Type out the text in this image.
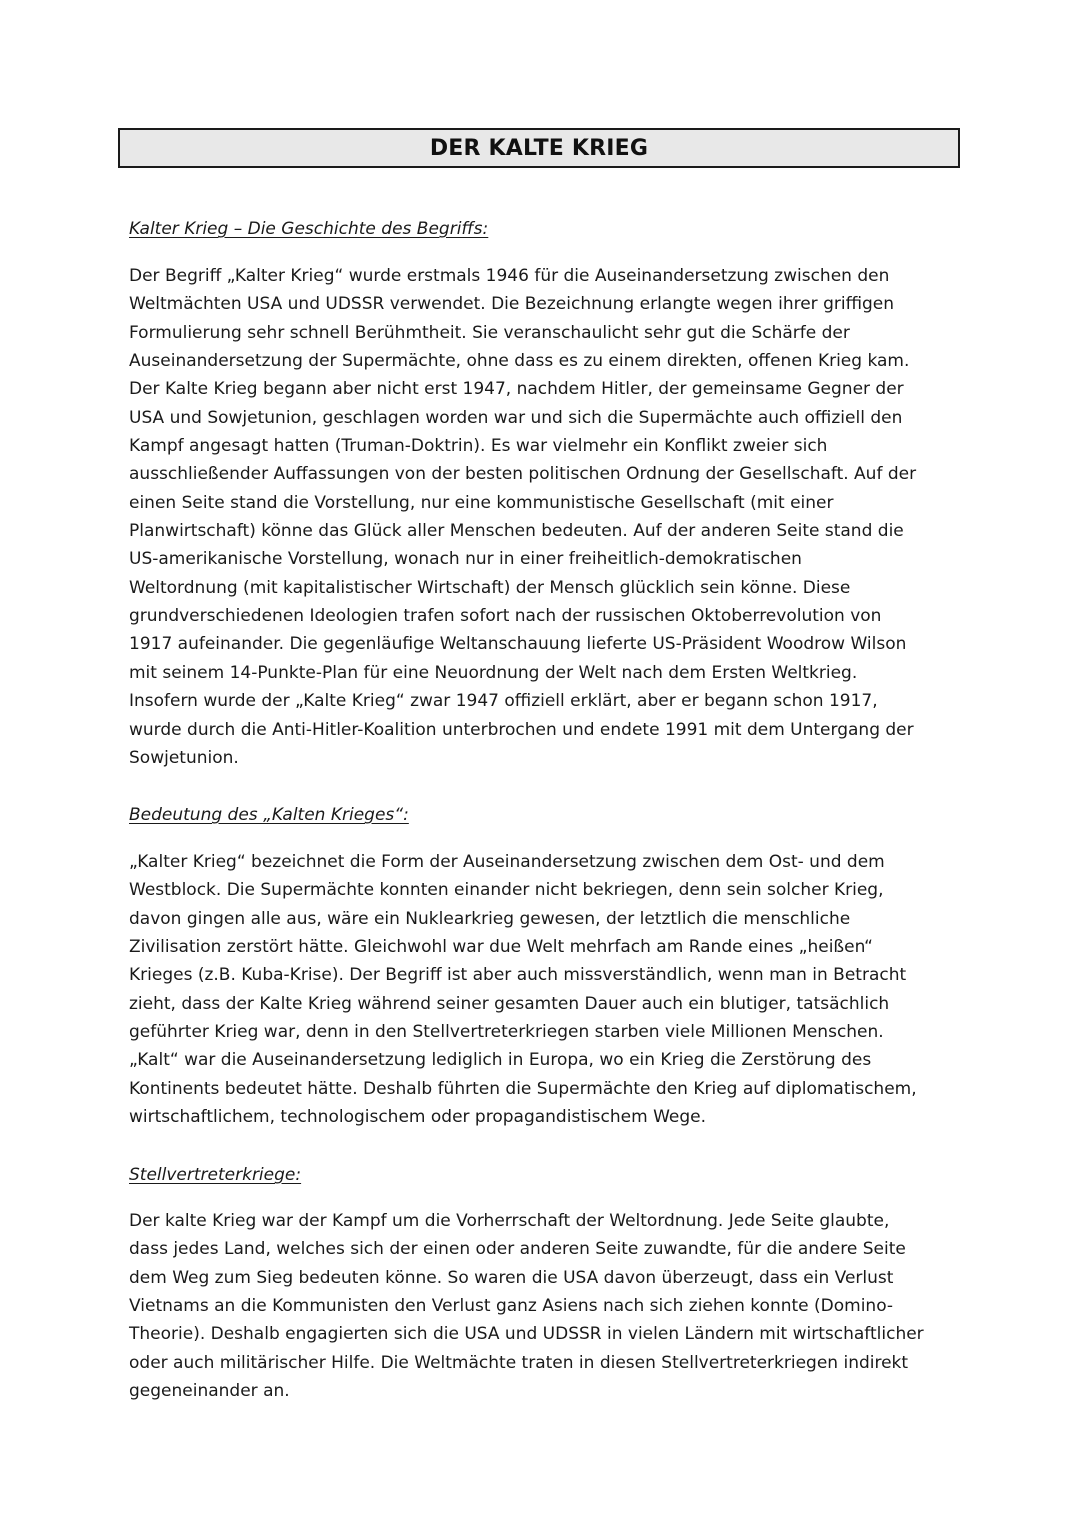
DER KALTE KRIEG

Kalter Krieg – Die Geschichte des Begriffs:

Der Begriff „Kalter Krieg“ wurde erstmals 1946 für die Auseinandersetzung zwischen den
Weltmächten USA und UDSSR verwendet. Die Bezeichnung erlangte wegen ihrer griffigen
Formulierung sehr schnell Berühmtheit. Sie veranschaulicht sehr gut die Schärfe der
Auseinandersetzung der Supermächte, ohne dass es zu einem direkten, offenen Krieg kam.
Der Kalte Krieg begann aber nicht erst 1947, nachdem Hitler, der gemeinsame Gegner der
USA und Sowjetunion, geschlagen worden war und sich die Supermächte auch offiziell den
Kampf angesagt hatten (Truman-Doktrin). Es war vielmehr ein Konflikt zweier sich
ausschließender Auffassungen von der besten politischen Ordnung der Gesellschaft. Auf der
einen Seite stand die Vorstellung, nur eine kommunistische Gesellschaft (mit einer
Planwirtschaft) könne das Glück aller Menschen bedeuten. Auf der anderen Seite stand die
US-amerikanische Vorstellung, wonach nur in einer freiheitlich-demokratischen
Weltordnung (mit kapitalistischer Wirtschaft) der Mensch glücklich sein könne. Diese
grundverschiedenen Ideologien trafen sofort nach der russischen Oktoberrevolution von
1917 aufeinander. Die gegenläufige Weltanschauung lieferte US-Präsident Woodrow Wilson
mit seinem 14-Punkte-Plan für eine Neuordnung der Welt nach dem Ersten Weltkrieg.
Insofern wurde der „Kalte Krieg“ zwar 1947 offiziell erklärt, aber er begann schon 1917,
wurde durch die Anti-Hitler-Koalition unterbrochen und endete 1991 mit dem Untergang der
Sowjetunion.

Bedeutung des „Kalten Krieges“:

„Kalter Krieg“ bezeichnet die Form der Auseinandersetzung zwischen dem Ost- und dem
Westblock. Die Supermächte konnten einander nicht bekriegen, denn sein solcher Krieg,
davon gingen alle aus, wäre ein Nuklearkrieg gewesen, der letztlich die menschliche
Zivilisation zerstört hätte. Gleichwohl war due Welt mehrfach am Rande eines „heißen“
Krieges (z.B. Kuba-Krise). Der Begriff ist aber auch missverständlich, wenn man in Betracht
zieht, dass der Kalte Krieg während seiner gesamten Dauer auch ein blutiger, tatsächlich
geführter Krieg war, denn in den Stellvertreterkriegen starben viele Millionen Menschen.
„Kalt“ war die Auseinandersetzung lediglich in Europa, wo ein Krieg die Zerstörung des
Kontinents bedeutet hätte. Deshalb führten die Supermächte den Krieg auf diplomatischem,
wirtschaftlichem, technologischem oder propagandistischem Wege.

Stellvertreterkriege:

Der kalte Krieg war der Kampf um die Vorherrschaft der Weltordnung. Jede Seite glaubte,
dass jedes Land, welches sich der einen oder anderen Seite zuwandte, für die andere Seite
dem Weg zum Sieg bedeuten könne. So waren die USA davon überzeugt, dass ein Verlust
Vietnams an die Kommunisten den Verlust ganz Asiens nach sich ziehen konnte (Domino-
Theorie). Deshalb engagierten sich die USA und UDSSR in vielen Ländern mit wirtschaftlicher
oder auch militärischer Hilfe. Die Weltmächte traten in diesen Stellvertreterkriegen indirekt
gegeneinander an.
